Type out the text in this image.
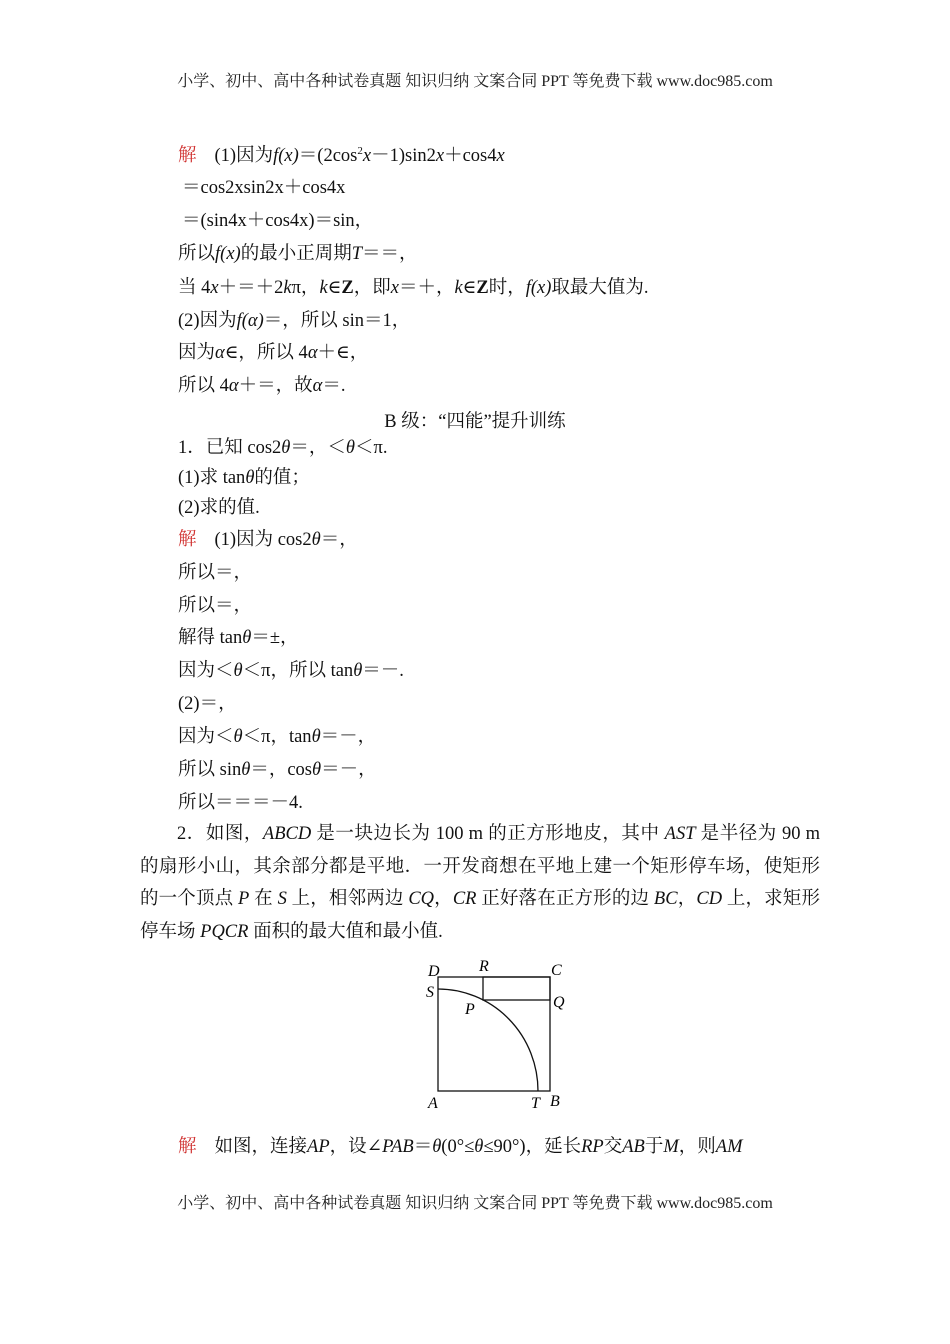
小学、初中、高中各种试卷真题 知识归纳 文案合同 PPT 等免费下载 www.doc985.com
解 (1)因为$f(x)=(2\cos^2x-1)\sin 2x+\cos 4x$
＝cos2xsin2x＋cos4x
＝(sin4x＋cos4x)＝sin，
所以f(x)的最小正周期T＝＝，
当 4x＋＝＋2kπ，k∈Z，即x＝＋，k∈Z时，f(x)取最大值为.
(2)因为f(α)＝，所以 sin＝1，
因为α∈，所以 4α＋∈，
所以 4α＋＝，故α＝.
B 级：“四能”提升训练
1．已知 cos2θ＝，＜θ＜π.
(1)求 tanθ的值；
(2)求的值.
解 (1)因为 cos2θ＝，
所以＝，
所以＝，
解得 tanθ＝±，
因为＜θ＜π，所以 tanθ＝－.
(2)＝，
因为＜θ＜π，tanθ＝－，
所以 sinθ＝，cosθ＝－，
所以＝＝＝－4.
2．如图，ABCD 是一块边长为 100 m 的正方形地皮，其中 AST 是半径为 90 m 的扇形小山，其余部分都是平地．一开发商想在平地上建一个矩形停车场，使矩形的一个顶点 P 在 S 上，相邻两边 CQ，CR 正好落在正方形的边 BC，CD 上，求矩形停车场 PQCR 面积的最大值和最小值.
D R	C
S
Q
P
A	T B
解 如图，连接AP，设∠PAB＝θ(0°≤θ≤90°)，延长RP交AB于M，则AM
小学、初中、高中各种试卷真题 知识归纳 文案合同 PPT 等免费下载 www.doc985.com
